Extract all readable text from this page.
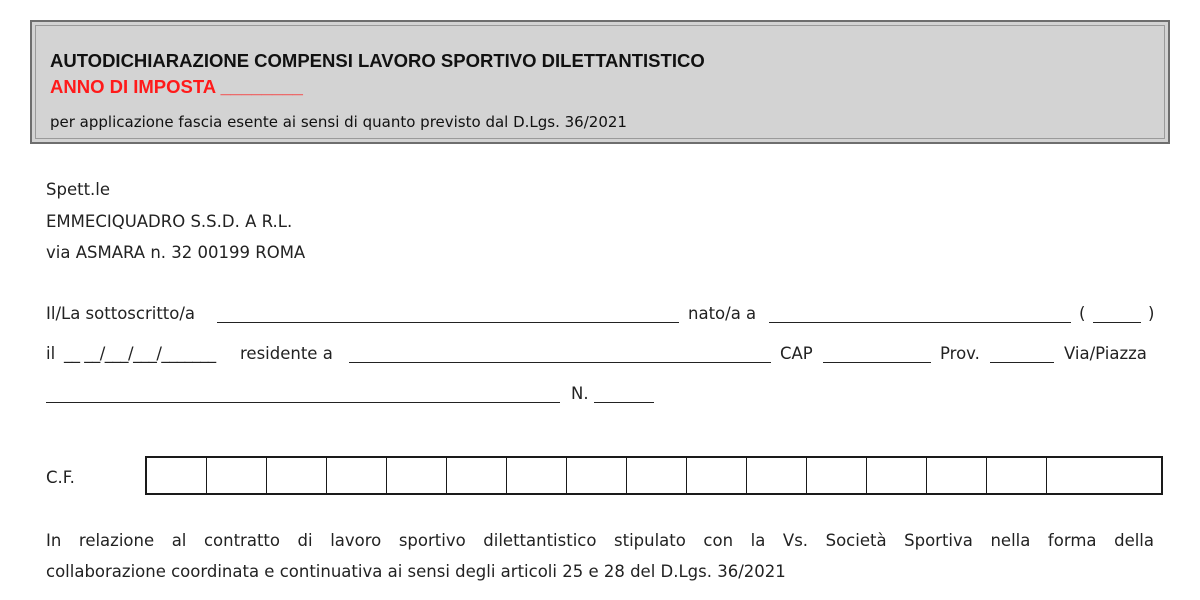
AUTODICHIARAZIONE COMPENSI LAVORO SPORTIVO DILETTANTISTICO
ANNO DI IMPOSTA ________
per applicazione fascia esente ai sensi di quanto previsto dal D.Lgs. 36/2021
Spett.le
EMMECIQUADRO S.S.D. A R.L.
via ASMARA n. 32 00199 ROMA
Il/La sottoscritto/a	nato/a a	(	)
il __ __/___/___/_______ residente a	CAP	Prov.	Via/Piazza
N.
C.F.
In relazione al contratto di lavoro sportivo dilettantistico stipulato con la Vs. Società Sportiva nella forma della
collaborazione coordinata e continuativa ai sensi degli articoli 25 e 28 del D.Lgs. 36/2021
